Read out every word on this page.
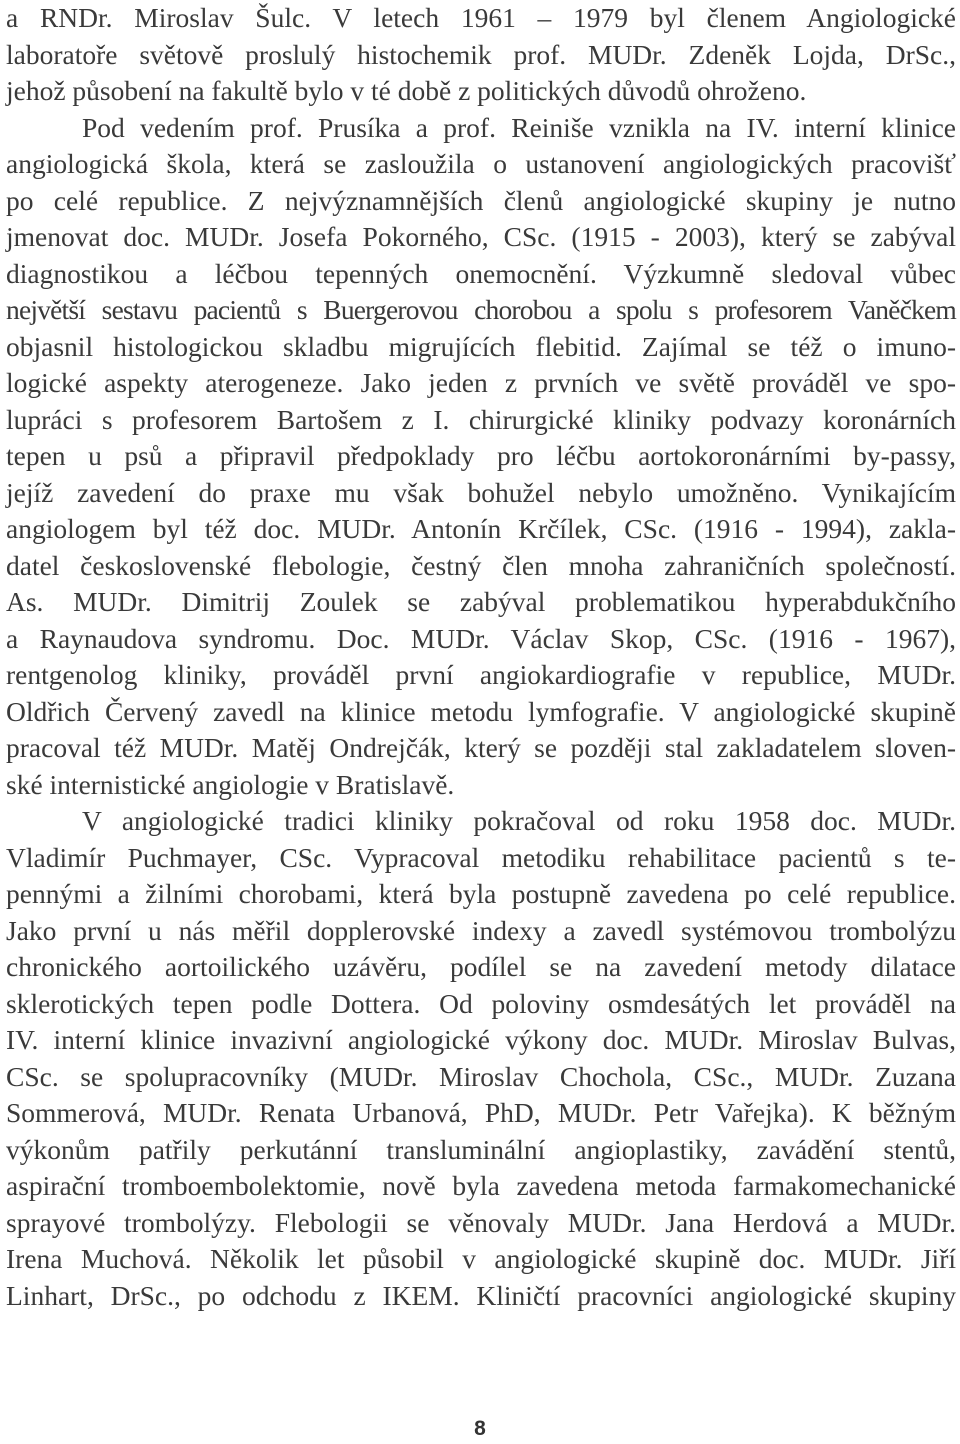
a RNDr. Miroslav Šulc. V letech 1961 – 1979 byl členem Angiologické
laboratoře světově proslulý histochemik prof. MUDr. Zdeněk Lojda, DrSc.,
jehož působení na fakultě bylo v té době z politických důvodů ohroženo.
Pod vedením prof. Prusíka a prof. Reiniše vznikla na IV. interní klinice
angiologická škola, která se zasloužila o ustanovení angiologických pracovišť
po celé republice. Z nejvýznamnějších členů angiologické skupiny je nutno
jmenovat doc. MUDr. Josefa Pokorného, CSc. (1915 - 2003), který se zabýval
diagnostikou a léčbou tepenných onemocnění. Výzkumně sledoval vůbec
největší sestavu pacientů s Buergerovou chorobou a spolu s profesorem Vaněčkem
objasnil histologickou skladbu migrujících flebitid. Zajímal se též o imuno-
logické aspekty aterogeneze. Jako jeden z prvních ve světě prováděl ve spo-
lupráci s profesorem Bartošem z I. chirurgické kliniky podvazy koronárních
tepen u psů a připravil předpoklady pro léčbu aortokoronárními by-passy,
jejíž zavedení do praxe mu však bohužel nebylo umožněno. Vynikajícím
angiologem byl též doc. MUDr. Antonín Krčílek, CSc. (1916 - 1994), zakla-
datel československé flebologie, čestný člen mnoha zahraničních společností.
As. MUDr. Dimitrij Zoulek se zabýval problematikou hyperabdukčního
a Raynaudova syndromu. Doc. MUDr. Václav Skop, CSc. (1916 - 1967),
rentgenolog kliniky, prováděl první angiokardiografie v republice, MUDr.
Oldřich Červený zavedl na klinice metodu lymfografie. V angiologické skupině
pracoval též MUDr. Matěj Ondrejčák, který se později stal zakladatelem sloven-
ské internistické angiologie v Bratislavě.
V angiologické tradici kliniky pokračoval od roku 1958 doc. MUDr.
Vladimír Puchmayer, CSc. Vypracoval metodiku rehabilitace pacientů s te-
pennými a žilními chorobami, která byla postupně zavedena po celé republice.
Jako první u nás měřil dopplerovské indexy a zavedl systémovou trombolýzu
chronického aortoilického uzávěru, podílel se na zavedení metody dilatace
sklerotických tepen podle Dottera. Od poloviny osmdesátých let prováděl na
IV. interní klinice invazivní angiologické výkony doc. MUDr. Miroslav Bulvas,
CSc. se spolupracovníky (MUDr. Miroslav Chochola, CSc., MUDr. Zuzana
Sommerová, MUDr. Renata Urbanová, PhD, MUDr. Petr Vařejka). K běžným
výkonům patřily perkutánní transluminální angioplastiky, zavádění stentů,
aspirační tromboembolektomie, nově byla zavedena metoda farmakomechanické
sprayové trombolýzy. Flebologii se věnovaly MUDr. Jana Herdová a MUDr.
Irena Muchová. Několik let působil v angiologické skupině doc. MUDr. Jiří
Linhart, DrSc., po odchodu z IKEM. Kliničtí pracovníci angiologické skupiny
8
